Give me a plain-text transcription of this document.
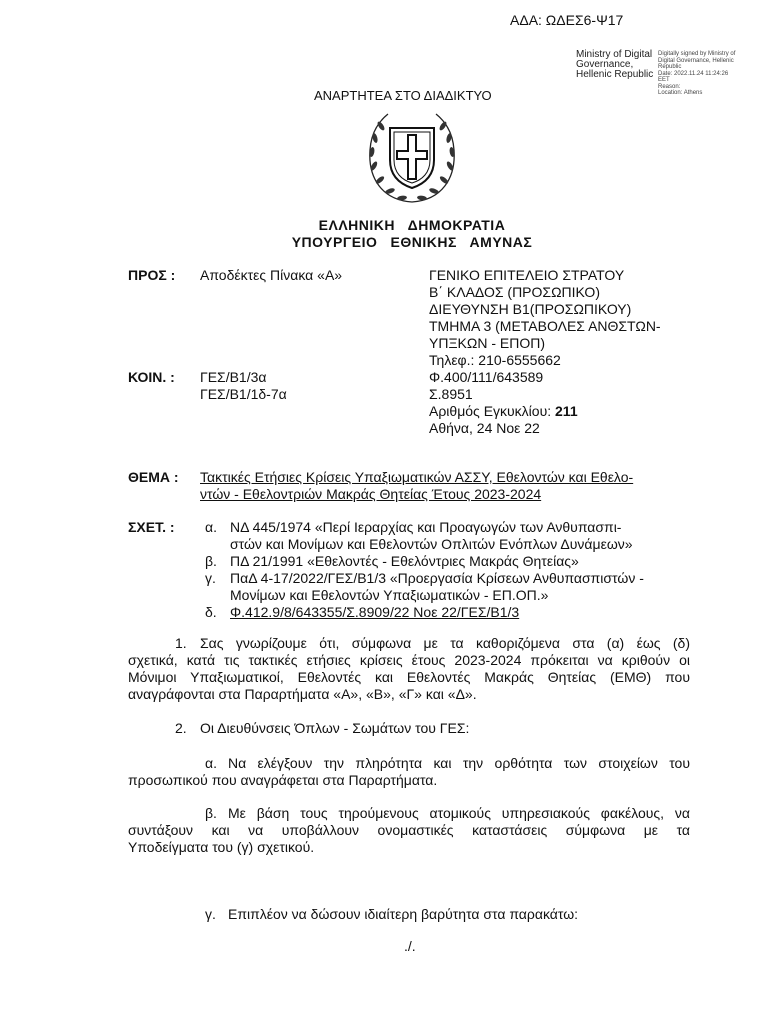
ΑΔΑ: ΩΔΕΣ6-Ψ17
Ministry of Digital Governance, Hellenic Republic
Digitally signed by Ministry of
Digital Governance, Hellenic
Republic
Date: 2022.11.24 11:24:26
EET
Reason:
Location: Athens
ΑΝΑΡΤΗΤΕΑ ΣΤΟ ΔΙΑΔΙΚΤΥΟ
ΕΛΛΗΝΙΚΗ   ΔΗΜΟΚΡΑΤΙΑ
ΥΠΟΥΡΓΕΙΟ   ΕΘΝΙΚΗΣ   ΑΜΥΝΑΣ
ΠΡΟΣ : Αποδέκτες Πίνακα «Α»
ΚΟΙΝ. : ΓΕΣ/Β1/3α
ΓΕΣ/Β1/1δ-7α
ΓΕΝΙΚΟ ΕΠΙΤΕΛΕΙΟ ΣΤΡΑΤΟΥ
Β΄ ΚΛΑΔΟΣ (ΠΡΟΣΩΠΙΚΟ)
ΔΙΕΥΘΥΝΣΗ Β1(ΠΡΟΣΩΠΙΚΟΥ)
ΤΜΗΜΑ 3 (ΜΕΤΑΒΟΛΕΣ ΑΝΘΣΤΩΝ-
ΥΠΞΚΩΝ - ΕΠΟΠ)
Τηλεφ.: 210-6555662
Φ.400/111/643589
Σ.8951
Αριθμός Εγκυκλίου: 211
Αθήνα, 24 Νοε 22
ΘΕΜΑ : Τακτικές Ετήσιες Κρίσεις Υπαξιωματικών ΑΣΣΥ, Εθελοντών και Εθελο-
ντών - Εθελοντριών Μακράς Θητείας Έτους 2023-2024
ΣΧΕΤ. : α. ΝΔ 445/1974 «Περί Ιεραρχίας και Προαγωγών των Ανθυπασπι-
στών και Μονίμων και Εθελοντών Οπλιτών Ενόπλων Δυνάμεων»
β. ΠΔ 21/1991 «Εθελοντές - Εθελόντριες Μακράς Θητείας»
γ. ΠαΔ 4-17/2022/ΓΕΣ/Β1/3 «Προεργασία Κρίσεων Ανθυπασπιστών -
Μονίμων και Εθελοντών Υπαξιωματικών - ΕΠ.ΟΠ.»
δ. Φ.412.9/8/643355/Σ.8909/22 Νοε 22/ΓΕΣ/Β1/3
1. Σας γνωρίζουμε ότι, σύμφωνα με τα καθοριζόμενα στα (α) έως (δ)
σχετικά, κατά τις τακτικές ετήσιες κρίσεις έτους 2023-2024 πρόκειται να κριθούν οι
Μόνιμοι Υπαξιωματικοί, Εθελοντές και Εθελοντές Μακράς Θητείας (ΕΜΘ) που
αναγράφονται στα Παραρτήματα «Α», «Β», «Γ» και «Δ».
2. Οι Διευθύνσεις Όπλων - Σωμάτων του ΓΕΣ:
α. Να ελέγξουν την πληρότητα και την ορθότητα των στοιχείων του
προσωπικού που αναγράφεται στα Παραρτήματα.
β. Με βάση τους τηρούμενους ατομικούς υπηρεσιακούς φακέλους, να
συντάξουν και να υποβάλλουν ονομαστικές καταστάσεις σύμφωνα με τα
Υποδείγματα του (γ) σχετικού.
γ. Επιπλέον να δώσουν ιδιαίτερη βαρύτητα στα παρακάτω:
./.
